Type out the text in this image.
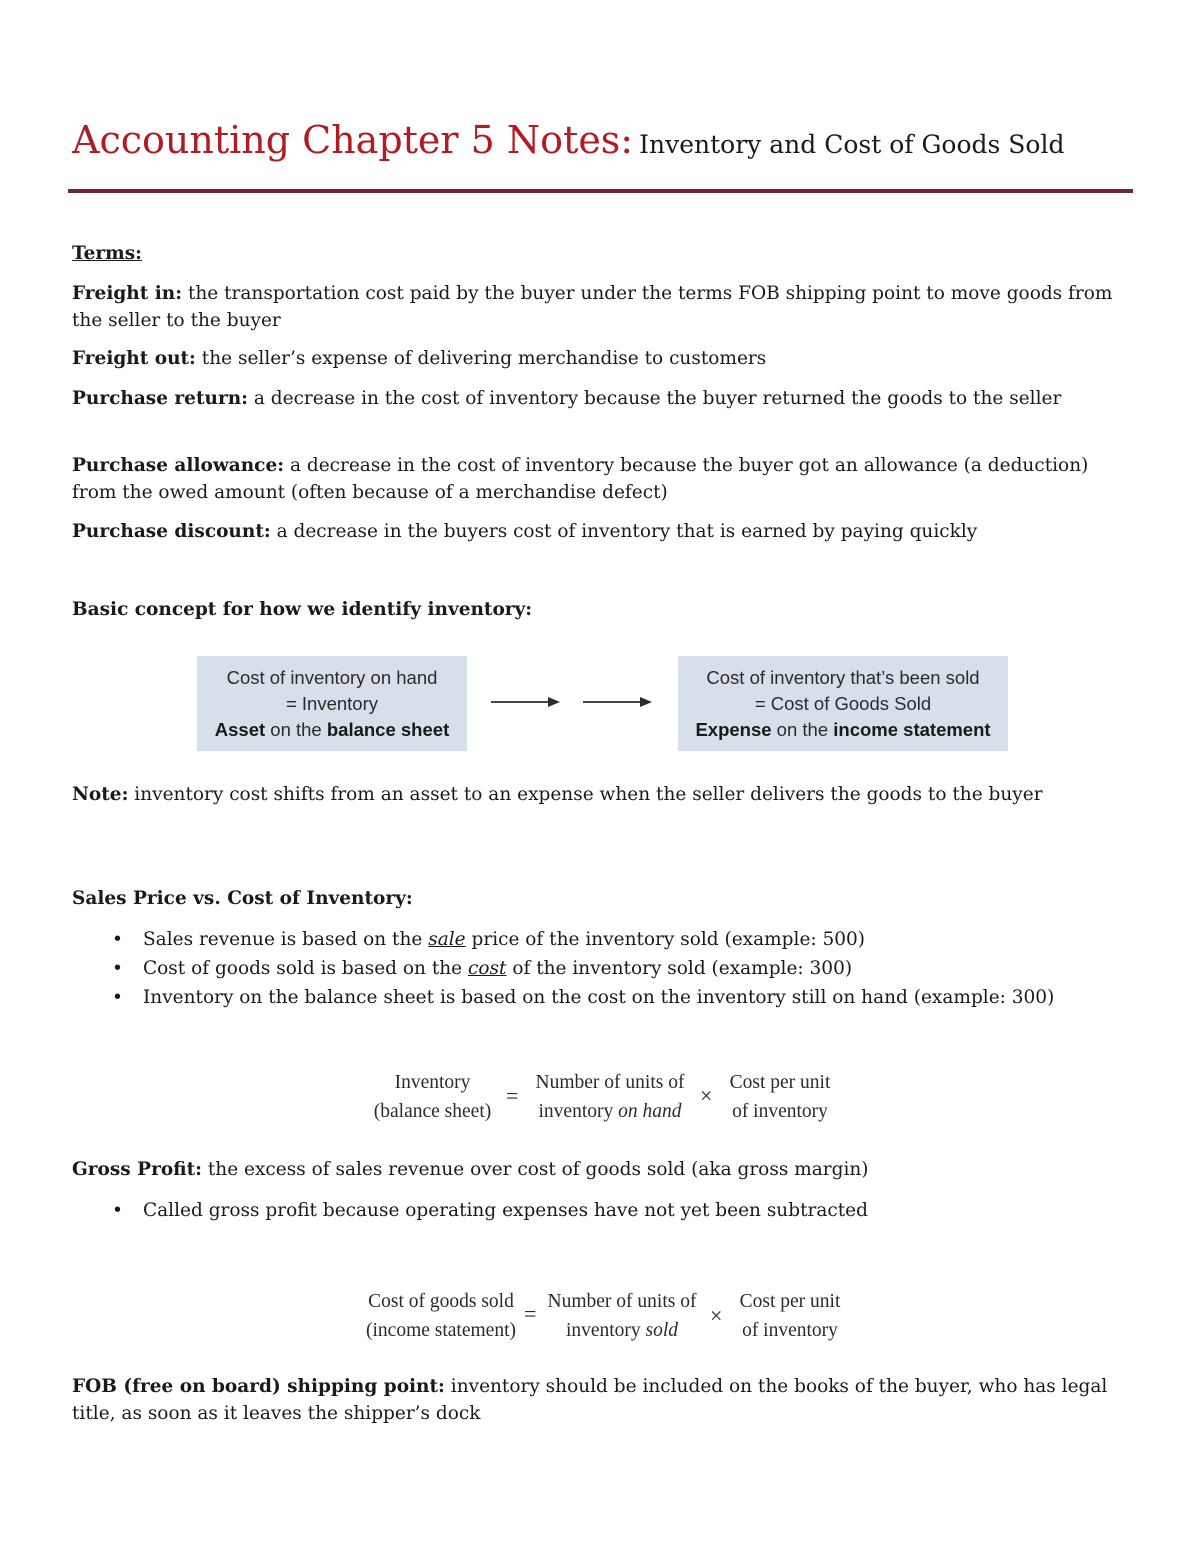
Accounting Chapter 5 Notes: Inventory and Cost of Goods Sold
Terms:
Freight in: the transportation cost paid by the buyer under the terms FOB shipping point to move goods from the seller to the buyer
Freight out: the seller’s expense of delivering merchandise to customers
Purchase return: a decrease in the cost of inventory because the buyer returned the goods to the seller
Purchase allowance: a decrease in the cost of inventory because the buyer got an allowance (a deduction) from the owed amount (often because of a merchandise defect)
Purchase discount: a decrease in the buyers cost of inventory that is earned by paying quickly
Basic concept for how we identify inventory:
Cost of inventory on hand
= Inventory
Asset on the balance sheet
Cost of inventory that’s been sold
= Cost of Goods Sold
Expense on the income statement
Note: inventory cost shifts from an asset to an expense when the seller delivers the goods to the buyer
Sales Price vs. Cost of Inventory:
• Sales revenue is based on the sale price of the inventory sold (example: 500)
• Cost of goods sold is based on the cost of the inventory sold (example: 300)
• Inventory on the balance sheet is based on the cost on the inventory still on hand (example: 300)
Inventory
(balance sheet)
=
Number of units of
inventory on hand
×
Cost per unit
of inventory
Gross Profit: the excess of sales revenue over cost of goods sold (aka gross margin)
• Called gross profit because operating expenses have not yet been subtracted
Cost of goods sold
(income statement)
= Number of units of
inventory sold
×
Cost per unit
of inventory
FOB (free on board) shipping point: inventory should be included on the books of the buyer, who has legal title, as soon as it leaves the shipper’s dock
